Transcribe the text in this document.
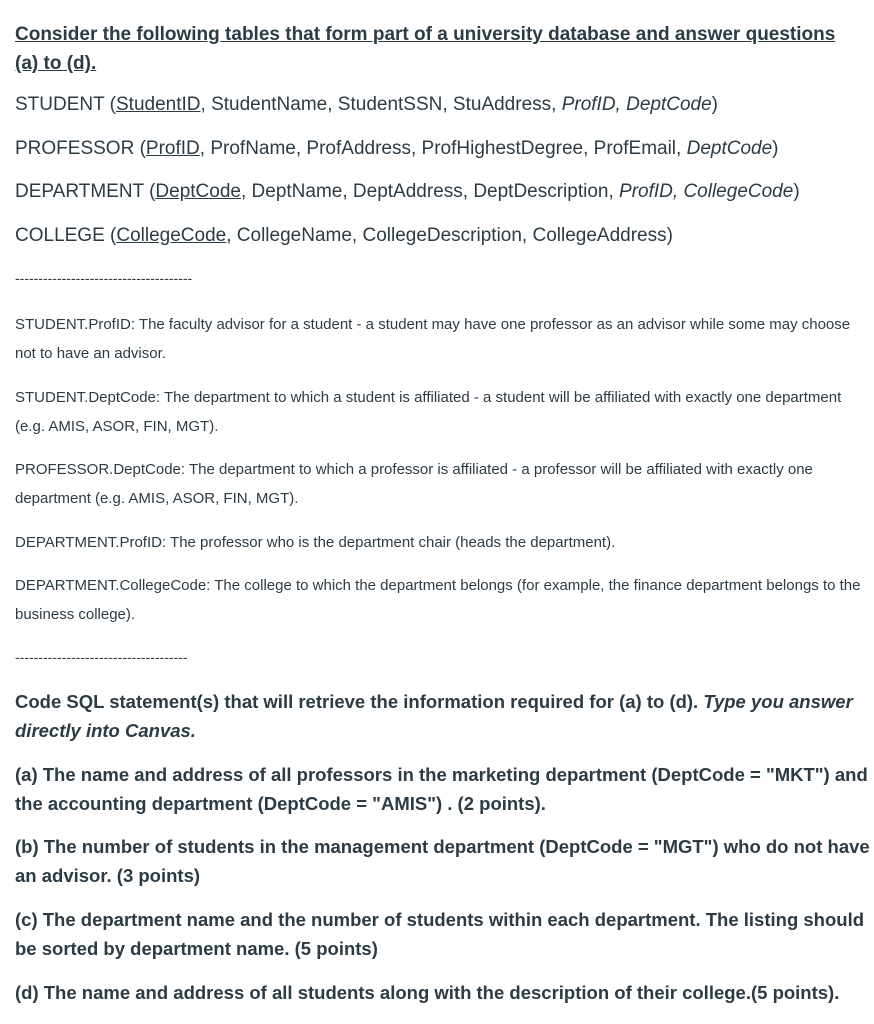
Consider the following tables that form part of a university database and answer questions (a) to (d).

STUDENT (StudentID, StudentName, StudentSSN, StuAddress, ProfID, DeptCode)

PROFESSOR (ProfID, ProfName, ProfAddress, ProfHighestDegree, ProfEmail, DeptCode)

DEPARTMENT (DeptCode, DeptName, DeptAddress, DeptDescription, ProfID, CollegeCode)

COLLEGE (CollegeCode, CollegeName, CollegeDescription, CollegeAddress)

--------------------------------------

STUDENT.ProfID: The faculty advisor for a student - a student may have one professor as an advisor while some may choose not to have an advisor.

STUDENT.DeptCode: The department to which a student is affiliated - a student will be affiliated with exactly one department (e.g. AMIS, ASOR, FIN, MGT).

PROFESSOR.DeptCode: The department to which a professor is affiliated - a professor will be affiliated with exactly one department (e.g. AMIS, ASOR, FIN, MGT).

DEPARTMENT.ProfID: The professor who is the department chair (heads the department).

DEPARTMENT.CollegeCode: The college to which the department belongs (for example, the finance department belongs to the business college).

-------------------------------------

Code SQL statement(s) that will retrieve the information required for (a) to (d). Type you answer directly into Canvas.

(a) The name and address of all professors in the marketing department (DeptCode = "MKT") and the accounting department (DeptCode = "AMIS") . (2 points).

(b) The number of students in the management department (DeptCode = "MGT") who do not have an advisor. (3 points)

(c) The department name and the number of students within each department. The listing should be sorted by department name. (5 points)

(d) The name and address of all students along with the description of their college.(5 points).
